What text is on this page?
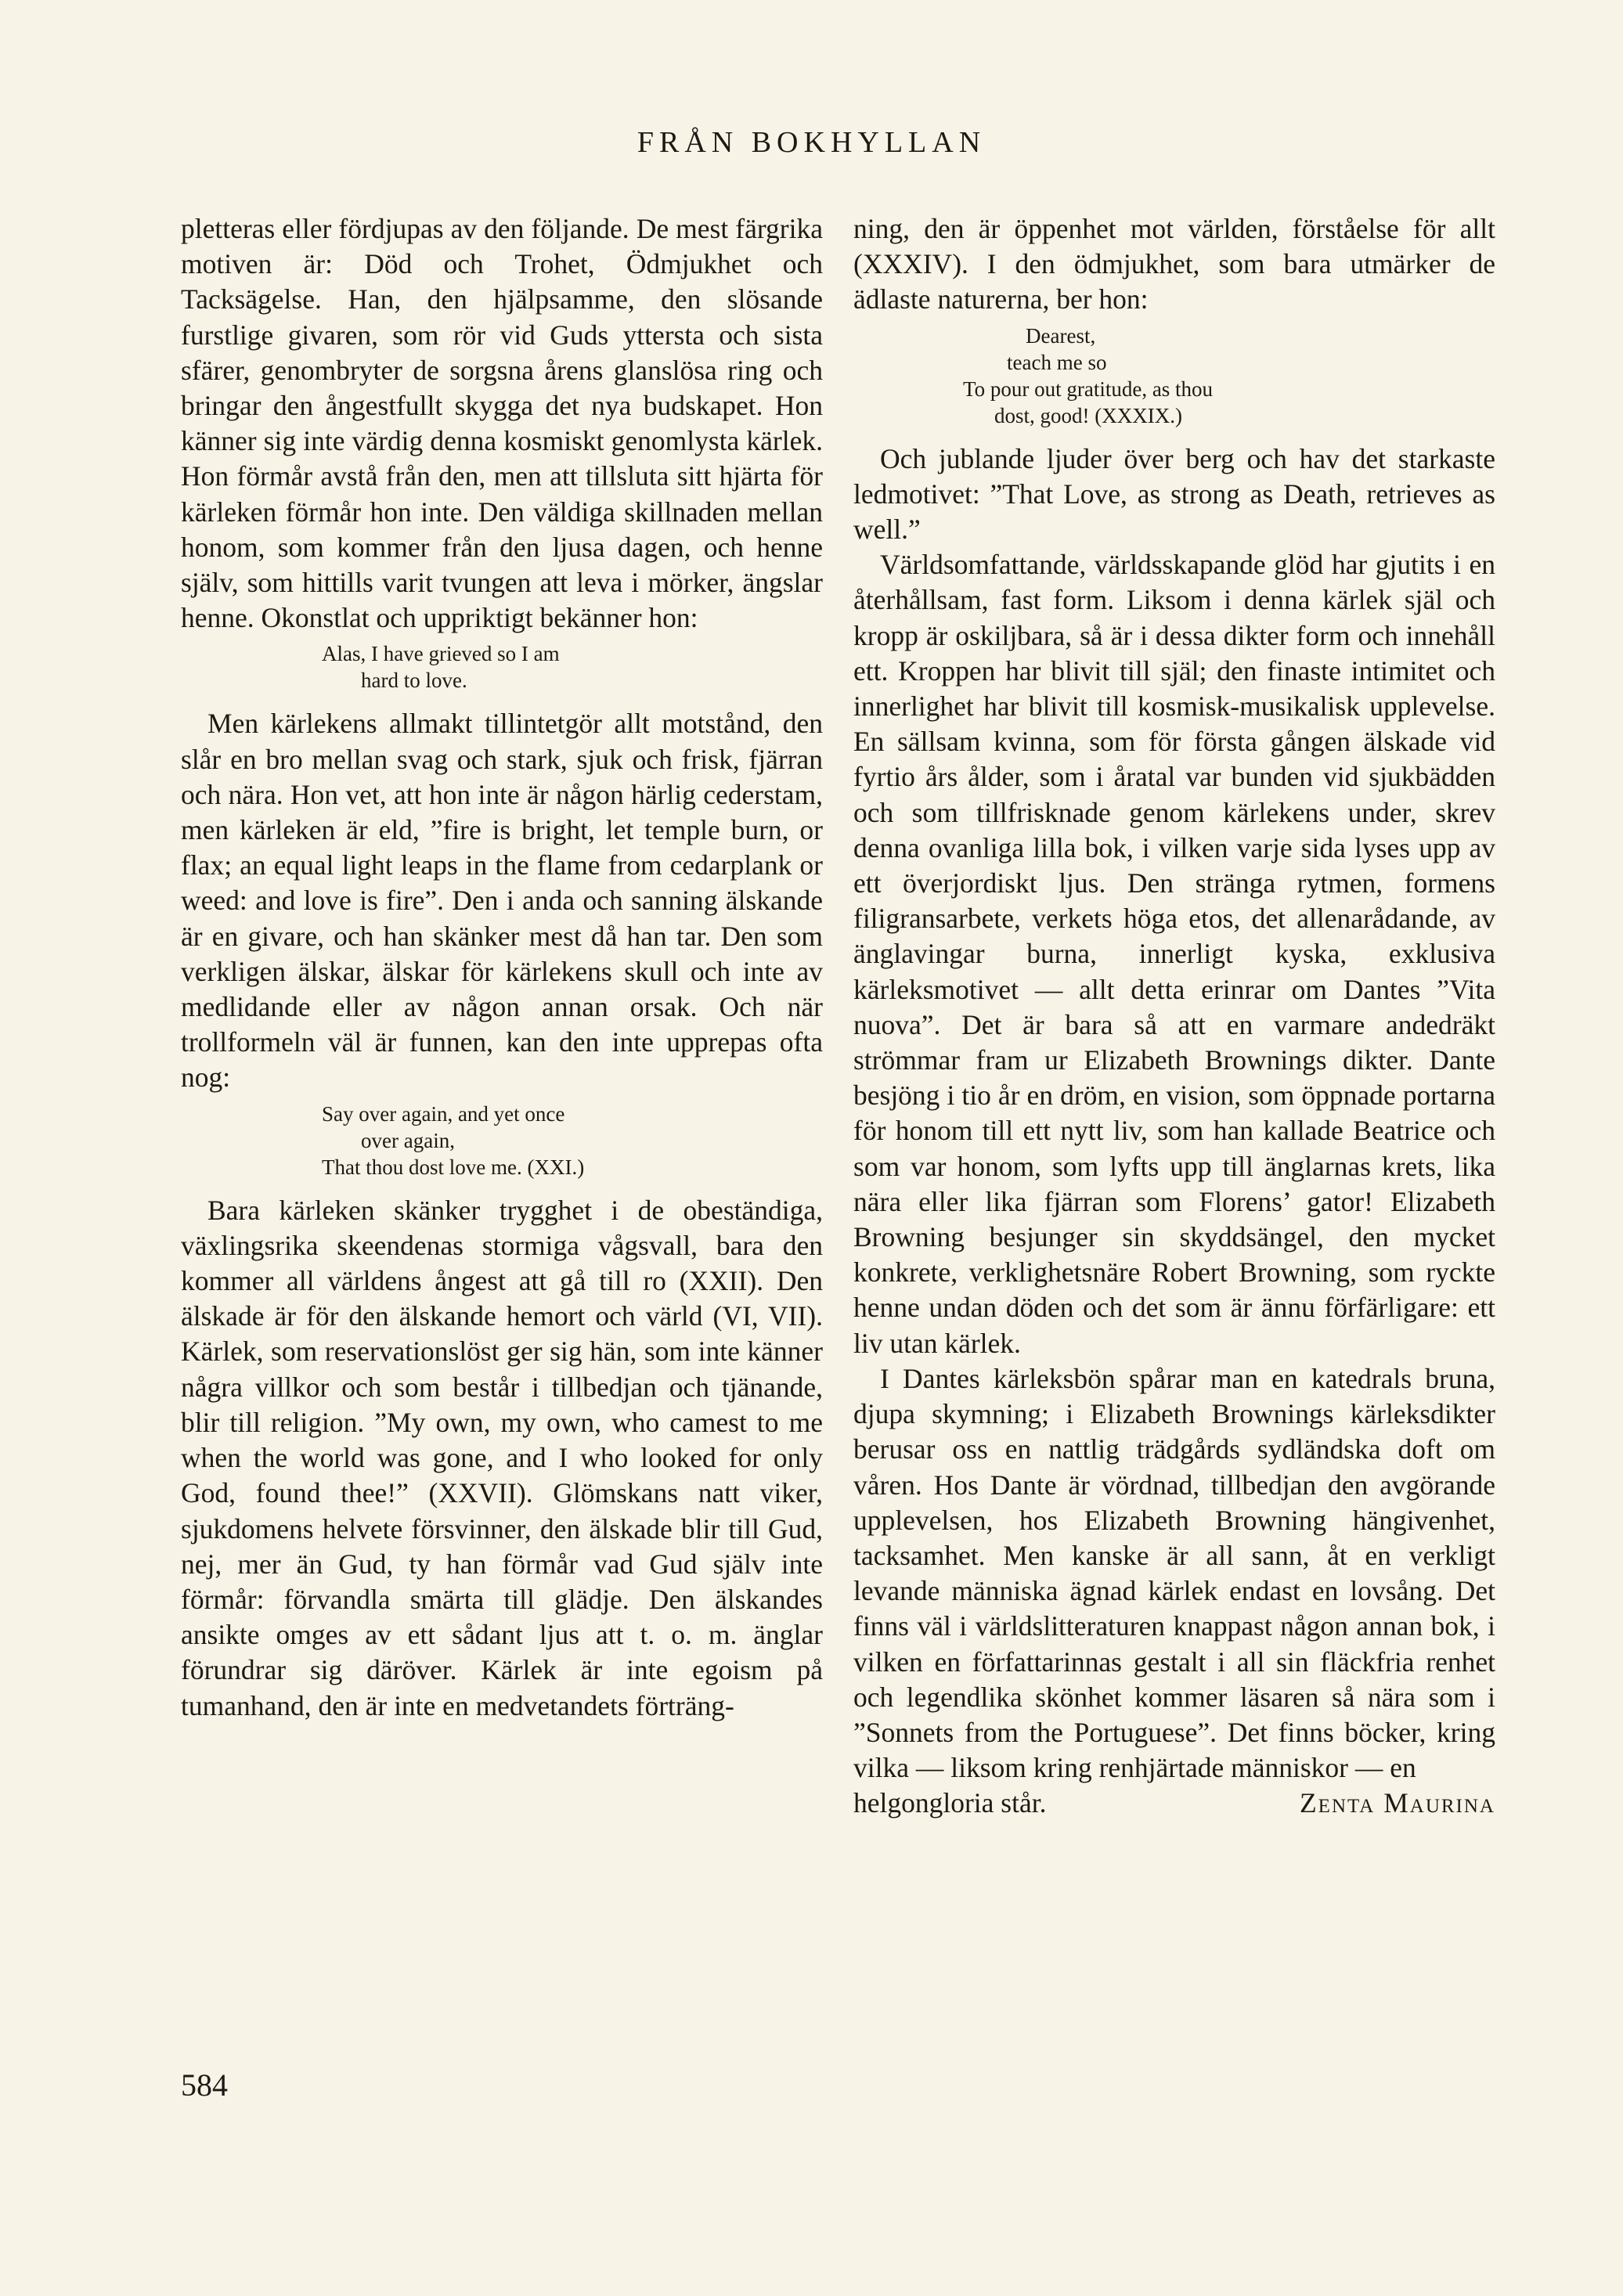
FRÅN BOKHYLLAN

pletteras eller fördjupas av den följande. De mest färgrika motiven är: Död och Trohet, Ödmjukhet och Tacksägelse. Han, den hjälpsamme, den slösande furstlige givaren, som rör vid Guds yttersta och sista sfärer, genombryter de sorgsna årens glanslösa ring och bringar den ångestfullt skygga det nya budskapet. Hon känner sig inte värdig denna kosmiskt genomlysta kärlek. Hon förmår avstå från den, men att tillsluta sitt hjärta för kärleken förmår hon inte. Den väldiga skillnaden mellan honom, som kommer från den ljusa dagen, och henne själv, som hittills varit tvungen att leva i mörker, ängslar henne. Okonstlat och uppriktigt bekänner hon:

Alas, I have grieved so I am
hard to love.

Men kärlekens allmakt tillintetgör allt motstånd, den slår en bro mellan svag och stark, sjuk och frisk, fjärran och nära. Hon vet, att hon inte är någon härlig cederstam, men kärleken är eld, ”fire is bright, let temple burn, or flax; an equal light leaps in the flame from cedarplank or weed: and love is fire”. Den i anda och sanning älskande är en givare, och han skänker mest då han tar. Den som verkligen älskar, älskar för kärlekens skull och inte av medlidande eller av någon annan orsak. Och när trollformeln väl är funnen, kan den inte upprepas ofta nog:

Say over again, and yet once
over again,
That thou dost love me. (XXI.)

Bara kärleken skänker trygghet i de obeständiga, växlingsrika skeendenas stormiga vågsvall, bara den kommer all världens ångest att gå till ro (XXII). Den älskade är för den älskande hemort och värld (VI, VII). Kärlek, som reservationslöst ger sig hän, som inte känner några villkor och som består i tillbedjan och tjänande, blir till religion. ”My own, my own, who camest to me when the world was gone, and I who looked for only God, found thee!” (XXVII). Glömskans natt viker, sjukdomens helvete försvinner, den älskade blir till Gud, nej, mer än Gud, ty han förmår vad Gud själv inte förmår: förvandla smärta till glädje. Den älskandes ansikte omges av ett sådant ljus att t. o. m. änglar förundrar sig däröver. Kärlek är inte egoism på tumanhand, den är inte en medvetandets förträng-

ning, den är öppenhet mot världen, förståelse för allt (XXXIV). I den ödmjukhet, som bara utmärker de ädlaste naturerna, ber hon:

Dearest,
teach me so
To pour out gratitude, as thou
dost, good! (XXXIX.)

Och jublande ljuder över berg och hav det starkaste ledmotivet: ”That Love, as strong as Death, retrieves as well.”

Världsomfattande, världsskapande glöd har gjutits i en återhållsam, fast form. Liksom i denna kärlek själ och kropp är oskiljbara, så är i dessa dikter form och innehåll ett. Kroppen har blivit till själ; den finaste intimitet och innerlighet har blivit till kosmisk-musikalisk upplevelse. En sällsam kvinna, som för första gången älskade vid fyrtio års ålder, som i åratal var bunden vid sjukbädden och som tillfrisknade genom kärlekens under, skrev denna ovanliga lilla bok, i vilken varje sida lyses upp av ett överjordiskt ljus. Den stränga rytmen, formens filigransarbete, verkets höga etos, det allenarådande, av änglavingar burna, innerligt kyska, exklusiva kärleksmotivet — allt detta erinrar om Dantes ”Vita nuova”. Det är bara så att en varmare andedräkt strömmar fram ur Elizabeth Brownings dikter. Dante besjöng i tio år en dröm, en vision, som öppnade portarna för honom till ett nytt liv, som han kallade Beatrice och som var honom, som lyfts upp till änglarnas krets, lika nära eller lika fjärran som Florens’ gator! Elizabeth Browning besjunger sin skyddsängel, den mycket konkrete, verklighetsnäre Robert Browning, som ryckte henne undan döden och det som är ännu förfärligare: ett liv utan kärlek.

I Dantes kärleksbön spårar man en katedrals bruna, djupa skymning; i Elizabeth Brownings kärleksdikter berusar oss en nattlig trädgårds sydländska doft om våren. Hos Dante är vördnad, tillbedjan den avgörande upplevelsen, hos Elizabeth Browning hängivenhet, tacksamhet. Men kanske är all sann, åt en verkligt levande människa ägnad kärlek endast en lovsång. Det finns väl i världslitteraturen knappast någon annan bok, i vilken en författarinnas gestalt i all sin fläckfria renhet och legendlika skönhet kommer läsaren så nära som i ”Sonnets from the Portuguese”. Det finns böcker, kring vilka — liksom kring renhjärtade människor — en

helgongloria står.	Zenta Maurina
584
